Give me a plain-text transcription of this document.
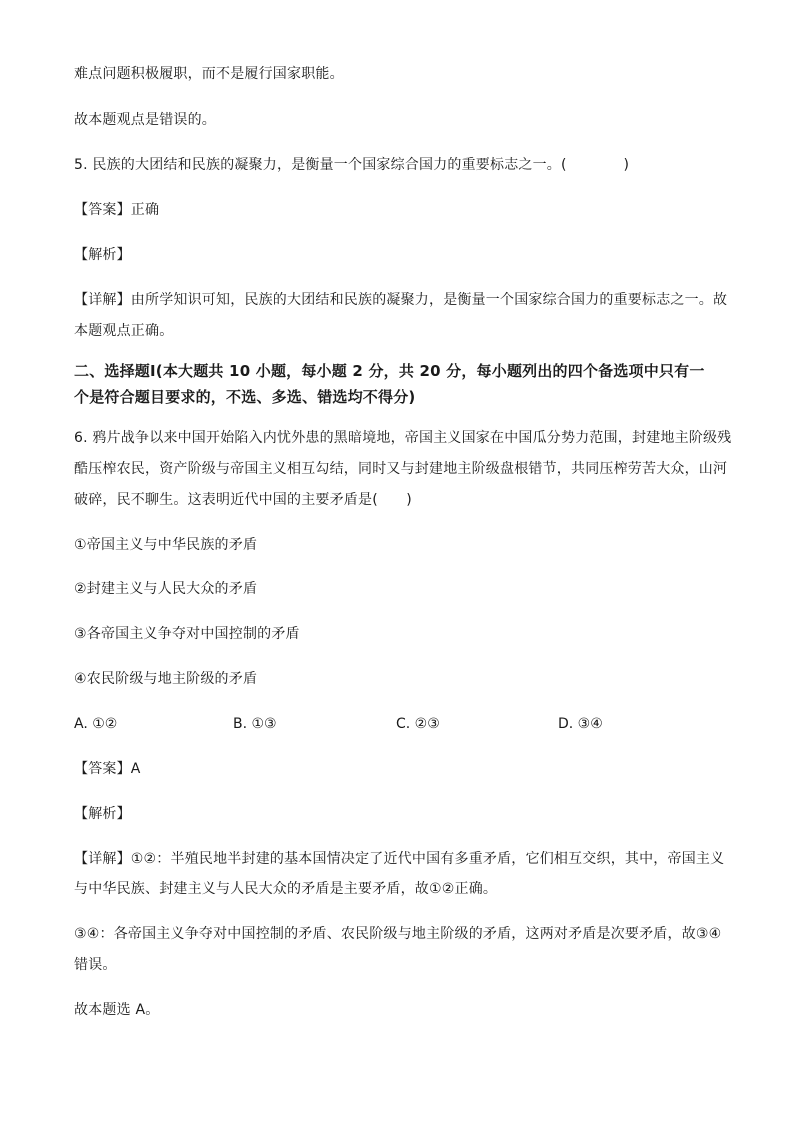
难点问题积极履职，而不是履行国家职能。
故本题观点是错误的。
5. 民族的大团结和民族的凝聚力，是衡量一个国家综合国力的重要标志之一。(　　　　)
【答案】正确
【解析】
【详解】由所学知识可知，民族的大团结和民族的凝聚力，是衡量一个国家综合国力的重要标志之一。故
本题观点正确。
二、选择题Ⅰ(本大题共 10 小题，每小题 2 分，共 20 分，每小题列出的四个备选项中只有一
个是符合题目要求的，不选、多选、错选均不得分)
6. 鸦片战争以来中国开始陷入内忧外患的黑暗境地，帝国主义国家在中国瓜分势力范围，封建地主阶级残
酷压榨农民，资产阶级与帝国主义相互勾结，同时又与封建地主阶级盘根错节，共同压榨劳苦大众，山河
破碎，民不聊生。这表明近代中国的主要矛盾是(　　)
①帝国主义与中华民族的矛盾
②封建主义与人民大众的矛盾
③各帝国主义争夺对中国控制的矛盾
④农民阶级与地主阶级的矛盾
A. ①②	B. ①③	C. ②③	D. ③④
【答案】A
【解析】
【详解】①②：半殖民地半封建的基本国情决定了近代中国有多重矛盾，它们相互交织，其中，帝国主义
与中华民族、封建主义与人民大众的矛盾是主要矛盾，故①②正确。
③④：各帝国主义争夺对中国控制的矛盾、农民阶级与地主阶级的矛盾，这两对矛盾是次要矛盾，故③④
错误。
故本题选 A。
